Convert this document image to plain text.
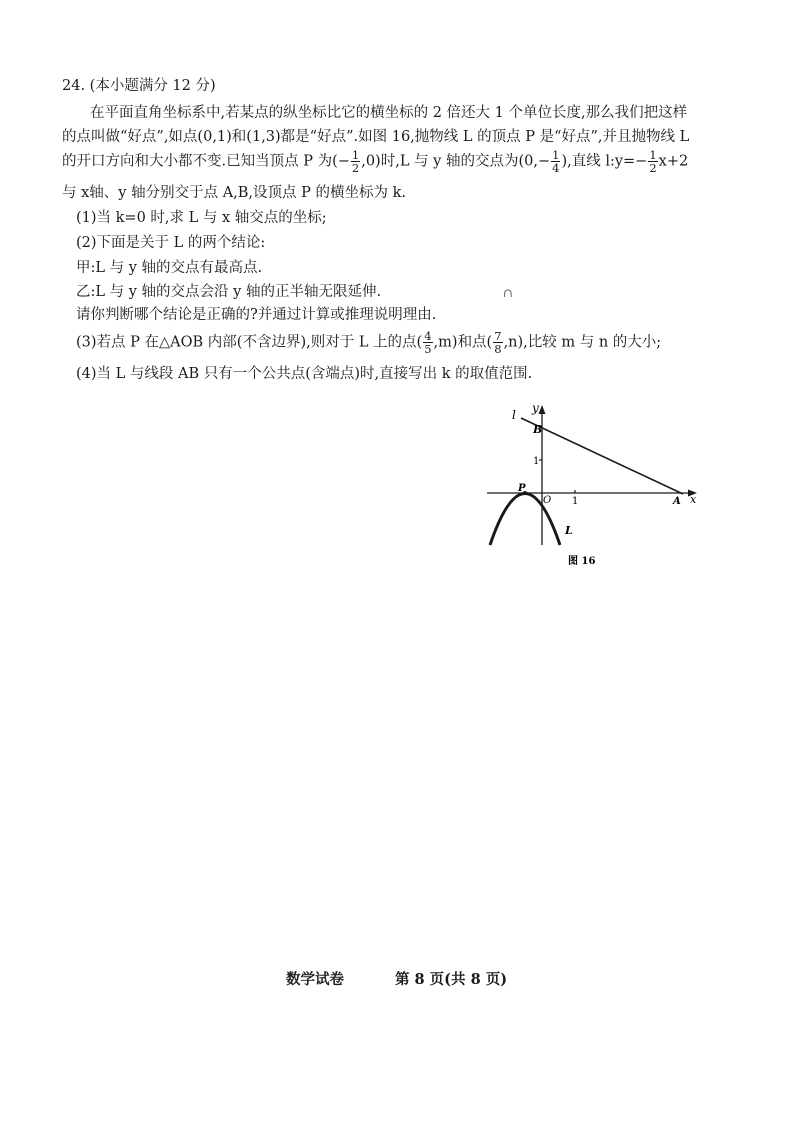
24. (本小题满分 12 分)
在平面直角坐标系中,若某点的纵坐标比它的横坐标的 2 倍还大 1 个单位长度,那么我们把这样
的点叫做“好点”,如点(0,1)和(1,3)都是“好点”.如图 16,抛物线 L 的顶点 P 是“好点”,并且抛物线 L
的开口方向和大小都不变.已知当顶点 P 为(− $\frac{1}{2} ,0$)时,L 与 y 轴的交点为($0,- \frac{1}{4}$ ),直线 l:y=− $\frac{1}{2} x+2$
与 x轴、y 轴分别交于点 A,B,设顶点 P 的横坐标为 k.
(1)当 k=0 时,求 L 与 x 轴交点的坐标;
(2)下面是关于 L 的两个结论:
甲:L 与 y 轴的交点有最高点.
乙:L 与 y 轴的交点会沿 y 轴的正半轴无限延伸.
请你判断哪个结论是正确的?并通过计算或推理说明理由.
∩
(3)若点 P 在△AOB 内部(不含边界),则对于 L 上的点( $\frac{4}{5} ,m$)和点( $\frac{7}{8} ,n$),比较 m 与 n 的大小;
(4)当 L 与线段 AB 只有一个公共点(含端点)时,直接写出 k 的取值范围.
l y
B
1
x
P
O 1	A
L
图 16
数学试卷	第 8 页(共 8 页)
